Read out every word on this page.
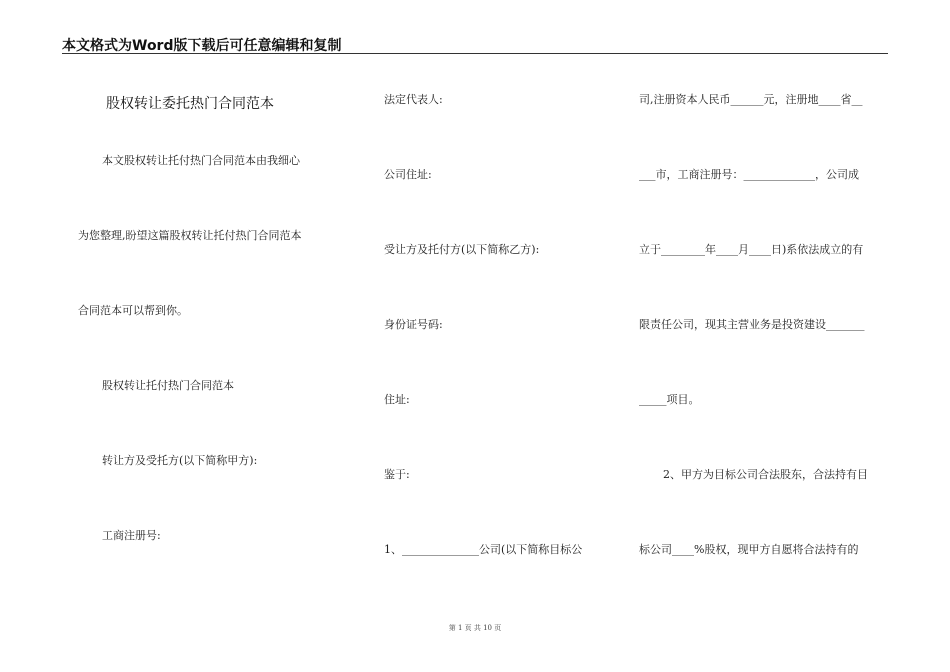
本文格式为Word版下载后可任意编辑和复制
股权转让委托热门合同范本
本文股权转让托付热门合同范本由我细心
为您整理,盼望这篇股权转让托付热门合同范本
合同范本可以帮到你。
股权转让托付热门合同范本
转让方及受托方(以下简称甲方):
工商注册号:
法定代表人:
公司住址:
受让方及托付方(以下简称乙方):
身份证号码:
住址:
鉴于:
1、______________公司(以下简称目标公
司,注册资本人民币______元，注册地____省__
___市，工商注册号：_____________，公司成
立于________年____月____日)系依法成立的有
限责任公司，现其主营业务是投资建设_______
_____项目。
2、甲方为目标公司合法股东，合法持有目
标公司____%股权，现甲方自愿将合法持有的
第 1 页 共 10 页
